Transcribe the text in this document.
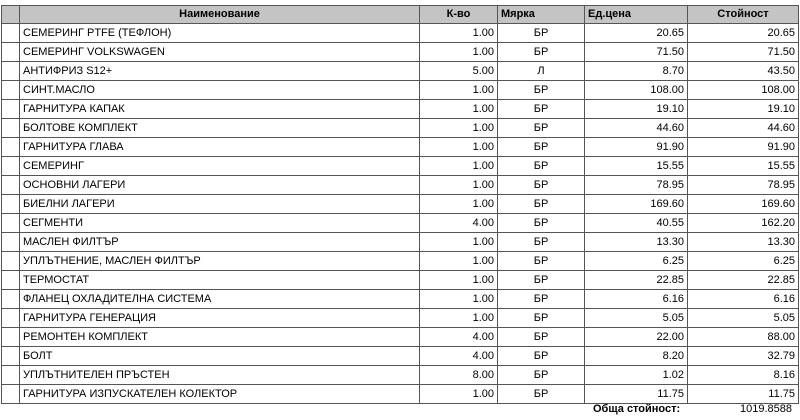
	Наименование	К-во	Мярка	Ед.цена	Стойност
	СЕМЕРИНГ PTFE (ТЕФЛОН)	1.00	БР	20.65	20.65
	СЕМЕРИНГ VOLKSWAGEN	1.00	БР	71.50	71.50
	АНТИФРИЗ S12+	5.00	Л	8.70	43.50
	СИНТ.МАСЛО	1.00	БР	108.00	108.00
	ГАРНИТУРА КАПАК	1.00	БР	19.10	19.10
	БОЛТОВЕ КОМПЛЕКТ	1.00	БР	44.60	44.60
	ГАРНИТУРА ГЛАВА	1.00	БР	91.90	91.90
	СЕМЕРИНГ	1.00	БР	15.55	15.55
	ОСНОВНИ ЛАГЕРИ	1.00	БР	78.95	78.95
	БИЕЛНИ ЛАГЕРИ	1.00	БР	169.60	169.60
	СЕГМЕНТИ	4.00	БР	40.55	162.20
	МАСЛЕН ФИЛТЪР	1.00	БР	13.30	13.30
	УПЛЪТНЕНИЕ, МАСЛЕН ФИЛТЪР	1.00	БР	6.25	6.25
	ТЕРМОСТАТ	1.00	БР	22.85	22.85
	ФЛАНЕЦ ОХЛАДИТЕЛНА СИСТЕМА	1.00	БР	6.16	6.16
	ГАРНИТУРА ГЕНЕРАЦИЯ	1.00	БР	5.05	5.05
	РЕМОНТЕН КОМПЛЕКТ	4.00	БР	22.00	88.00
	БОЛТ	4.00	БР	8.20	32.79
	УПЛЪТНИТЕЛЕН ПРЪСТЕН	8.00	БР	1.02	8.16
	ГАРНИТУРА ИЗПУСКАТЕЛЕН КОЛЕКТОР	1.00	БР	11.75	11.75
Обща стойност:	1019.8588
